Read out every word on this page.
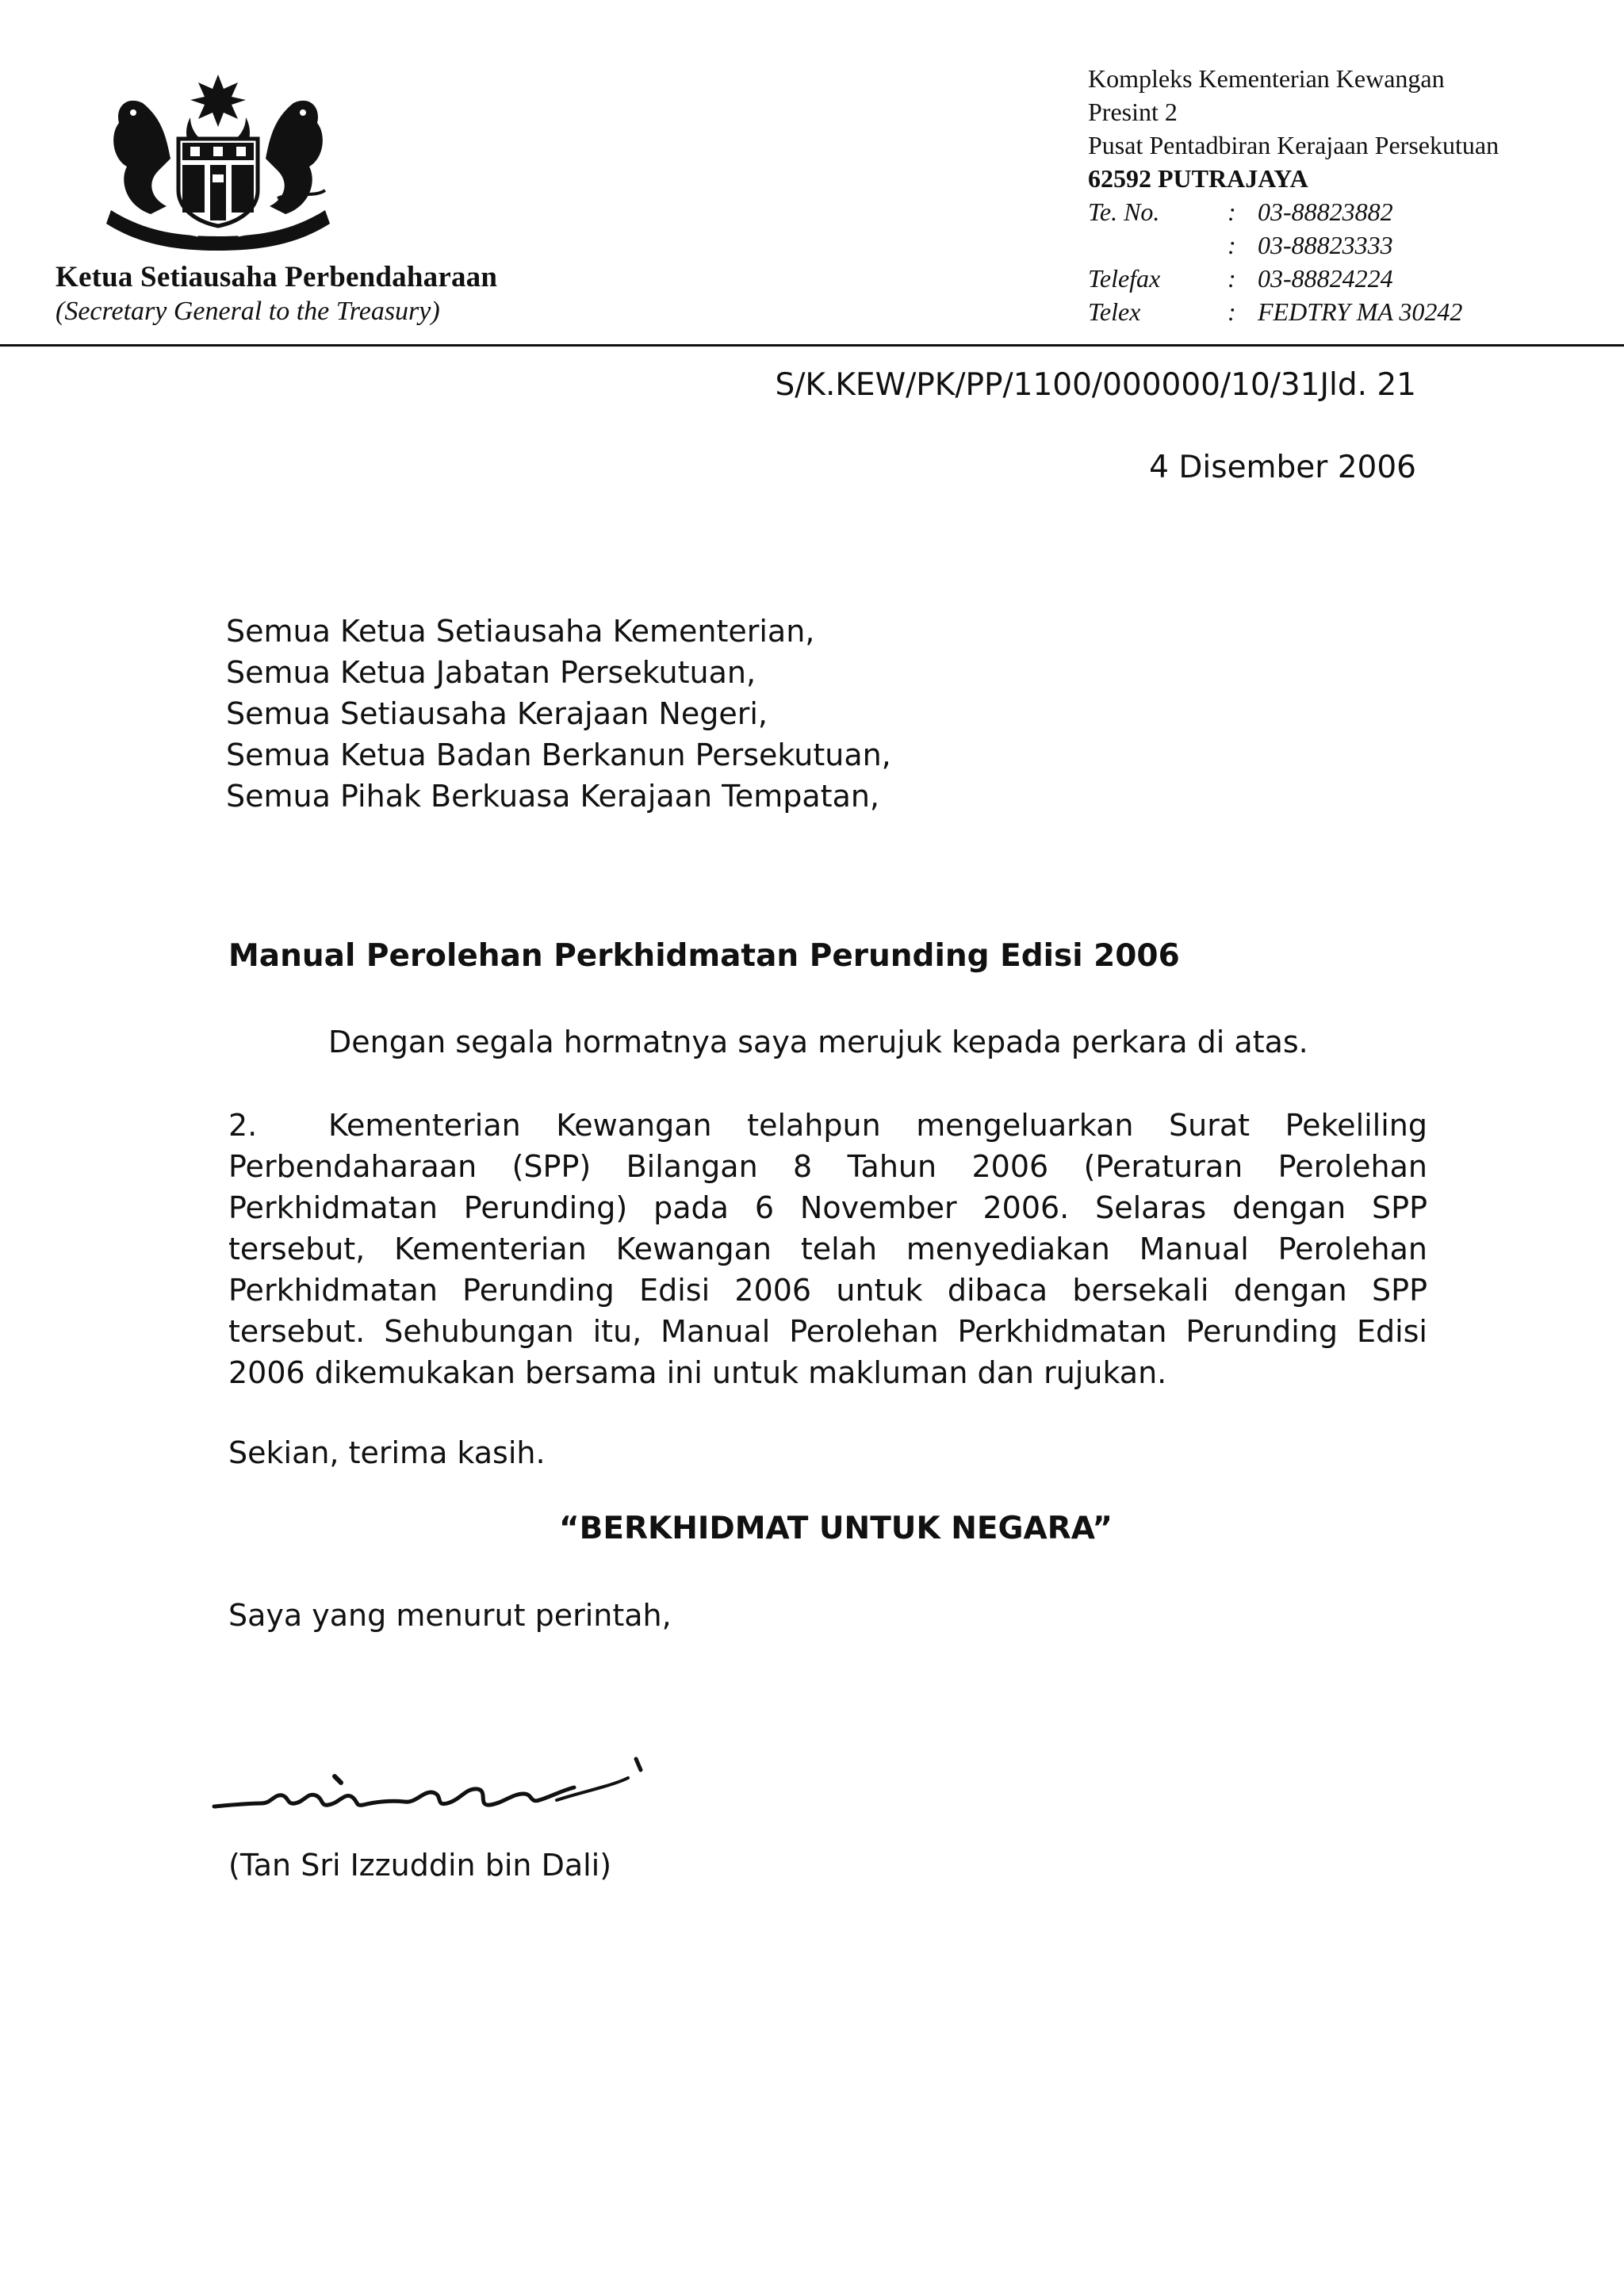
Ketua Setiausaha Perbendaharaan
(Secretary General to the Treasury)
Kompleks Kementerian Kewangan
Presint 2
Pusat Pentadbiran Kerajaan Persekutuan
62592 PUTRAJAYA
Te. No.	: 03-88823882
: 03-88823333
Telefax	: 03-88824224
Telex	: FEDTRY MA 30242
S/K.KEW/PK/PP/1100/000000/10/31Jld. 21
4 Disember 2006
Semua Ketua Setiausaha Kementerian,
Semua Ketua Jabatan Persekutuan,
Semua Setiausaha Kerajaan Negeri,
Semua Ketua Badan Berkanun Persekutuan,
Semua Pihak Berkuasa Kerajaan Tempatan,
Manual Perolehan Perkhidmatan Perunding Edisi 2006
Dengan segala hormatnya saya merujuk kepada perkara di atas.
2. Kementerian Kewangan telahpun mengeluarkan Surat Pekeliling Perbendaharaan (SPP) Bilangan 8 Tahun 2006 (Peraturan Perolehan Perkhidmatan Perunding) pada 6 November 2006. Selaras dengan SPP tersebut, Kementerian Kewangan telah menyediakan Manual Perolehan Perkhidmatan Perunding Edisi 2006 untuk dibaca bersekali dengan SPP tersebut. Sehubungan itu, Manual Perolehan Perkhidmatan Perunding Edisi 2006 dikemukakan bersama ini untuk makluman dan rujukan.
Sekian, terima kasih.
“BERKHIDMAT UNTUK NEGARA”
Saya yang menurut perintah,
(Tan Sri Izzuddin bin Dali)
